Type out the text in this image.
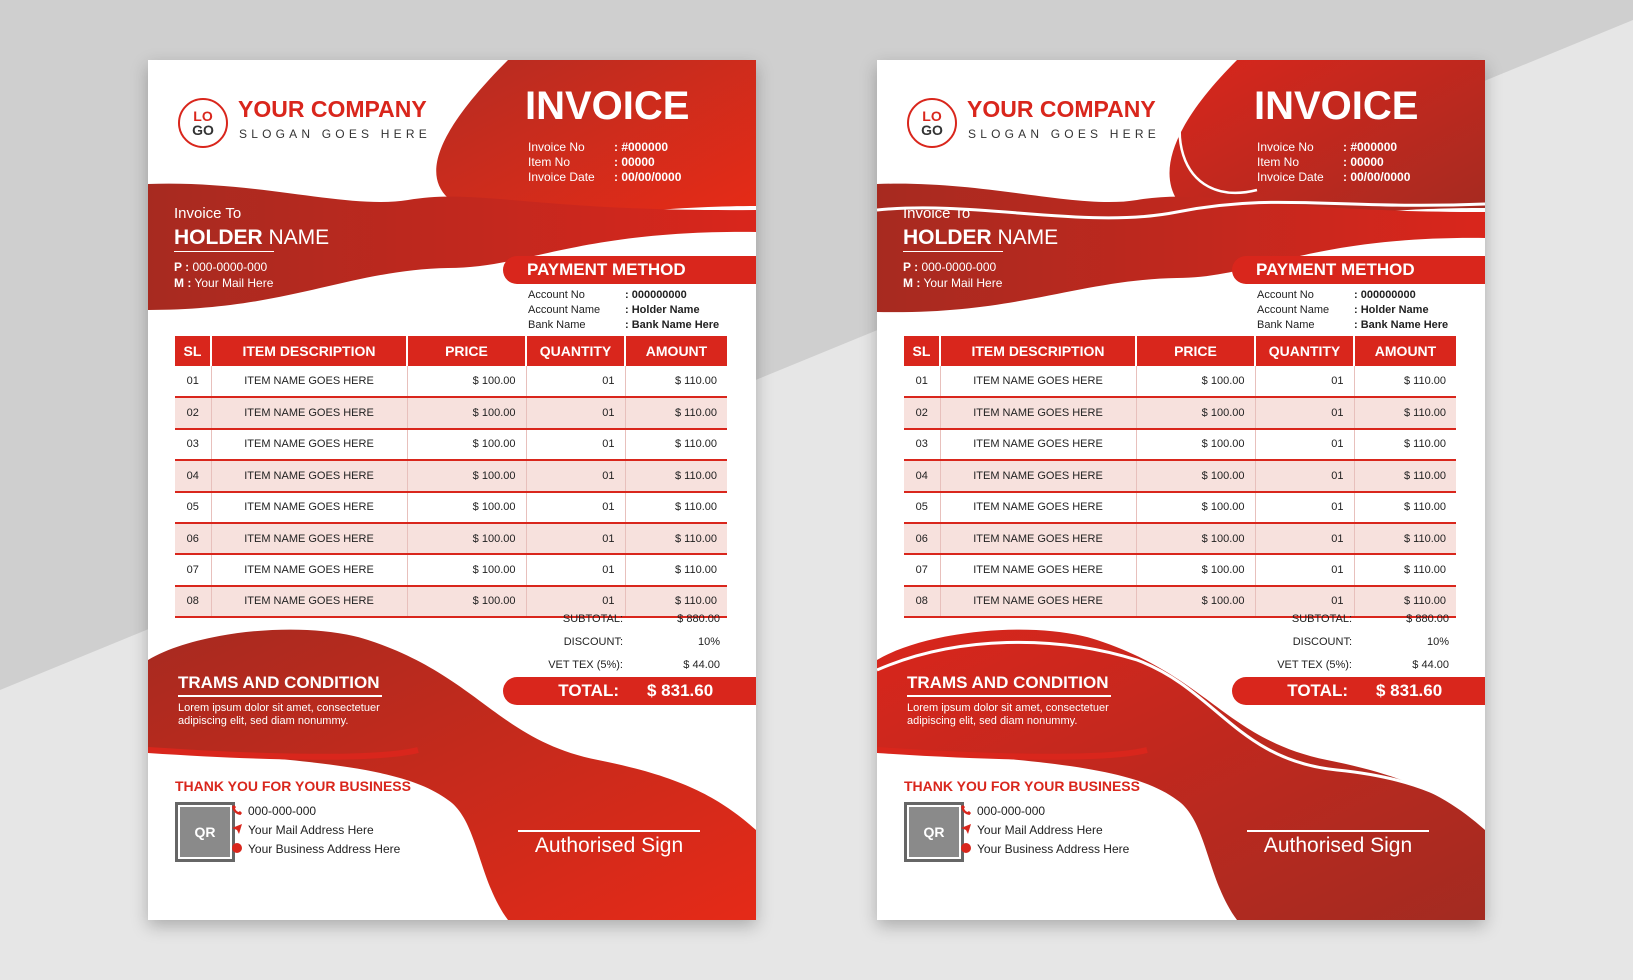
LO
GO
YOUR COMPANY
SLOGAN GOES HERE
INVOICE
Invoice No : #000000
Item No	: 00000
Invoice Date : 00/00/0000
Invoice To
HOLDER NAME
P : 000-0000-000
M : Your Mail Here
PAYMENT METHOD
Account No	: 000000000
Account Name : Holder Name
Bank Name	: Bank Name Here
SL	ITEM DESCRIPTION	PRICE	QUANTITY	AMOUNT
01	ITEM NAME GOES HERE	$ 100.00	01	$ 110.00
02	ITEM NAME GOES HERE	$ 100.00	01	$ 110.00
03	ITEM NAME GOES HERE	$ 100.00	01	$ 110.00
04	ITEM NAME GOES HERE	$ 100.00	01	$ 110.00
05	ITEM NAME GOES HERE	$ 100.00	01	$ 110.00
06	ITEM NAME GOES HERE	$ 100.00	01	$ 110.00
07	ITEM NAME GOES HERE	$ 100.00	01	$ 110.00
08	ITEM NAME GOES HERE	$ 100.00	01	$ 110.00
SUBTOTAL:	$ 880.00
DISCOUNT:	10%
VET TEX (5%):	$ 44.00
TOTAL: $ 831.60
TRAMS AND CONDITION
Lorem ipsum dolor sit amet, consectetuer adipiscing elit, sed diam nonummy.
THANK YOU FOR YOUR BUSINESS
QR
000-000-000
Your Mail Address Here
Your Business Address Here	Authorised Sign
LO
GO
YOUR COMPANY
SLOGAN GOES HERE
INVOICE
Invoice No : #000000
Item No	: 00000
Invoice Date : 00/00/0000
Invoice To
HOLDER NAME
P : 000-0000-000
M : Your Mail Here
PAYMENT METHOD
Account No	: 000000000
Account Name : Holder Name
Bank Name	: Bank Name Here
SL	ITEM DESCRIPTION	PRICE	QUANTITY	AMOUNT
01	ITEM NAME GOES HERE	$ 100.00	01	$ 110.00
02	ITEM NAME GOES HERE	$ 100.00	01	$ 110.00
03	ITEM NAME GOES HERE	$ 100.00	01	$ 110.00
04	ITEM NAME GOES HERE	$ 100.00	01	$ 110.00
05	ITEM NAME GOES HERE	$ 100.00	01	$ 110.00
06	ITEM NAME GOES HERE	$ 100.00	01	$ 110.00
07	ITEM NAME GOES HERE	$ 100.00	01	$ 110.00
08	ITEM NAME GOES HERE	$ 100.00	01	$ 110.00
SUBTOTAL:	$ 880.00
DISCOUNT:	10%
VET TEX (5%):	$ 44.00
TOTAL: $ 831.60
TRAMS AND CONDITION
Lorem ipsum dolor sit amet, consectetuer adipiscing elit, sed diam nonummy.
THANK YOU FOR YOUR BUSINESS
QR
000-000-000
Your Mail Address Here
Your Business Address Here	Authorised Sign
